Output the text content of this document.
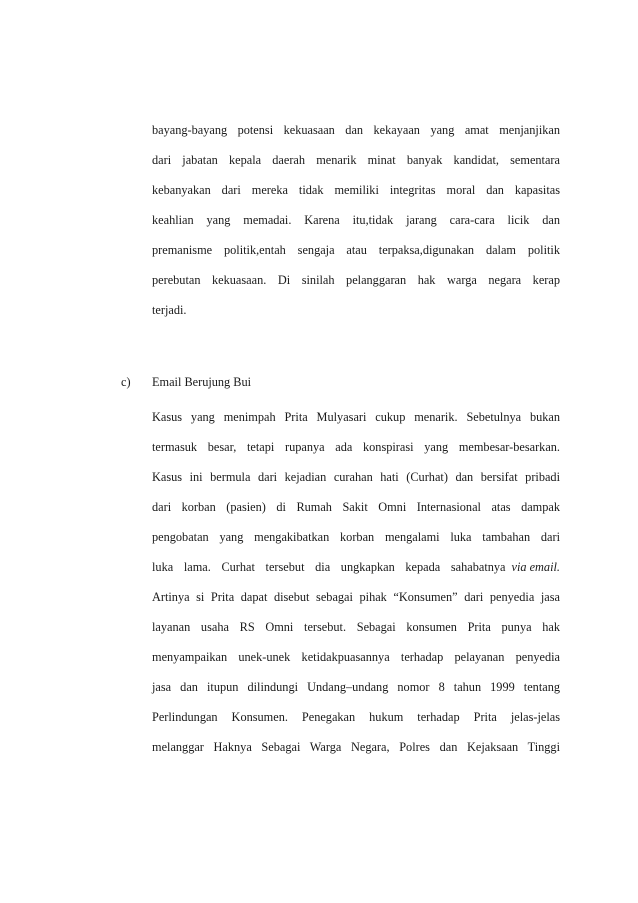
bayang-bayang potensi kekuasaan dan kekayaan yang amat menjanjikan
dari jabatan kepala daerah menarik minat banyak kandidat, sementara
kebanyakan dari mereka tidak memiliki integritas moral dan kapasitas
keahlian yang memadai. Karena itu,tidak jarang cara-cara licik dan
premanisme politik,entah sengaja atau terpaksa,digunakan dalam politik
perebutan kekuasaan. Di sinilah pelanggaran hak warga negara kerap
terjadi.
c) Email Berujung Bui
Kasus yang menimpah Prita Mulyasari cukup menarik. Sebetulnya bukan
termasuk besar, tetapi rupanya ada konspirasi yang membesar-besarkan.
Kasus ini bermula dari kejadian curahan hati (Curhat) dan bersifat pribadi
dari korban (pasien) di Rumah Sakit Omni Internasional atas dampak
pengobatan yang mengakibatkan korban mengalami luka tambahan dari
luka lama. Curhat tersebut dia ungkapkan kepada sahabatnya via email.
Artinya si Prita dapat disebut sebagai pihak “Konsumen” dari penyedia jasa
layanan usaha RS Omni tersebut. Sebagai konsumen Prita punya hak
menyampaikan unek-unek ketidakpuasannya terhadap pelayanan penyedia
jasa dan itupun dilindungi Undang–undang nomor 8 tahun 1999 tentang
Perlindungan Konsumen. Penegakan hukum terhadap Prita jelas-jelas
melanggar Haknya Sebagai Warga Negara, Polres dan Kejaksaan Tinggi
